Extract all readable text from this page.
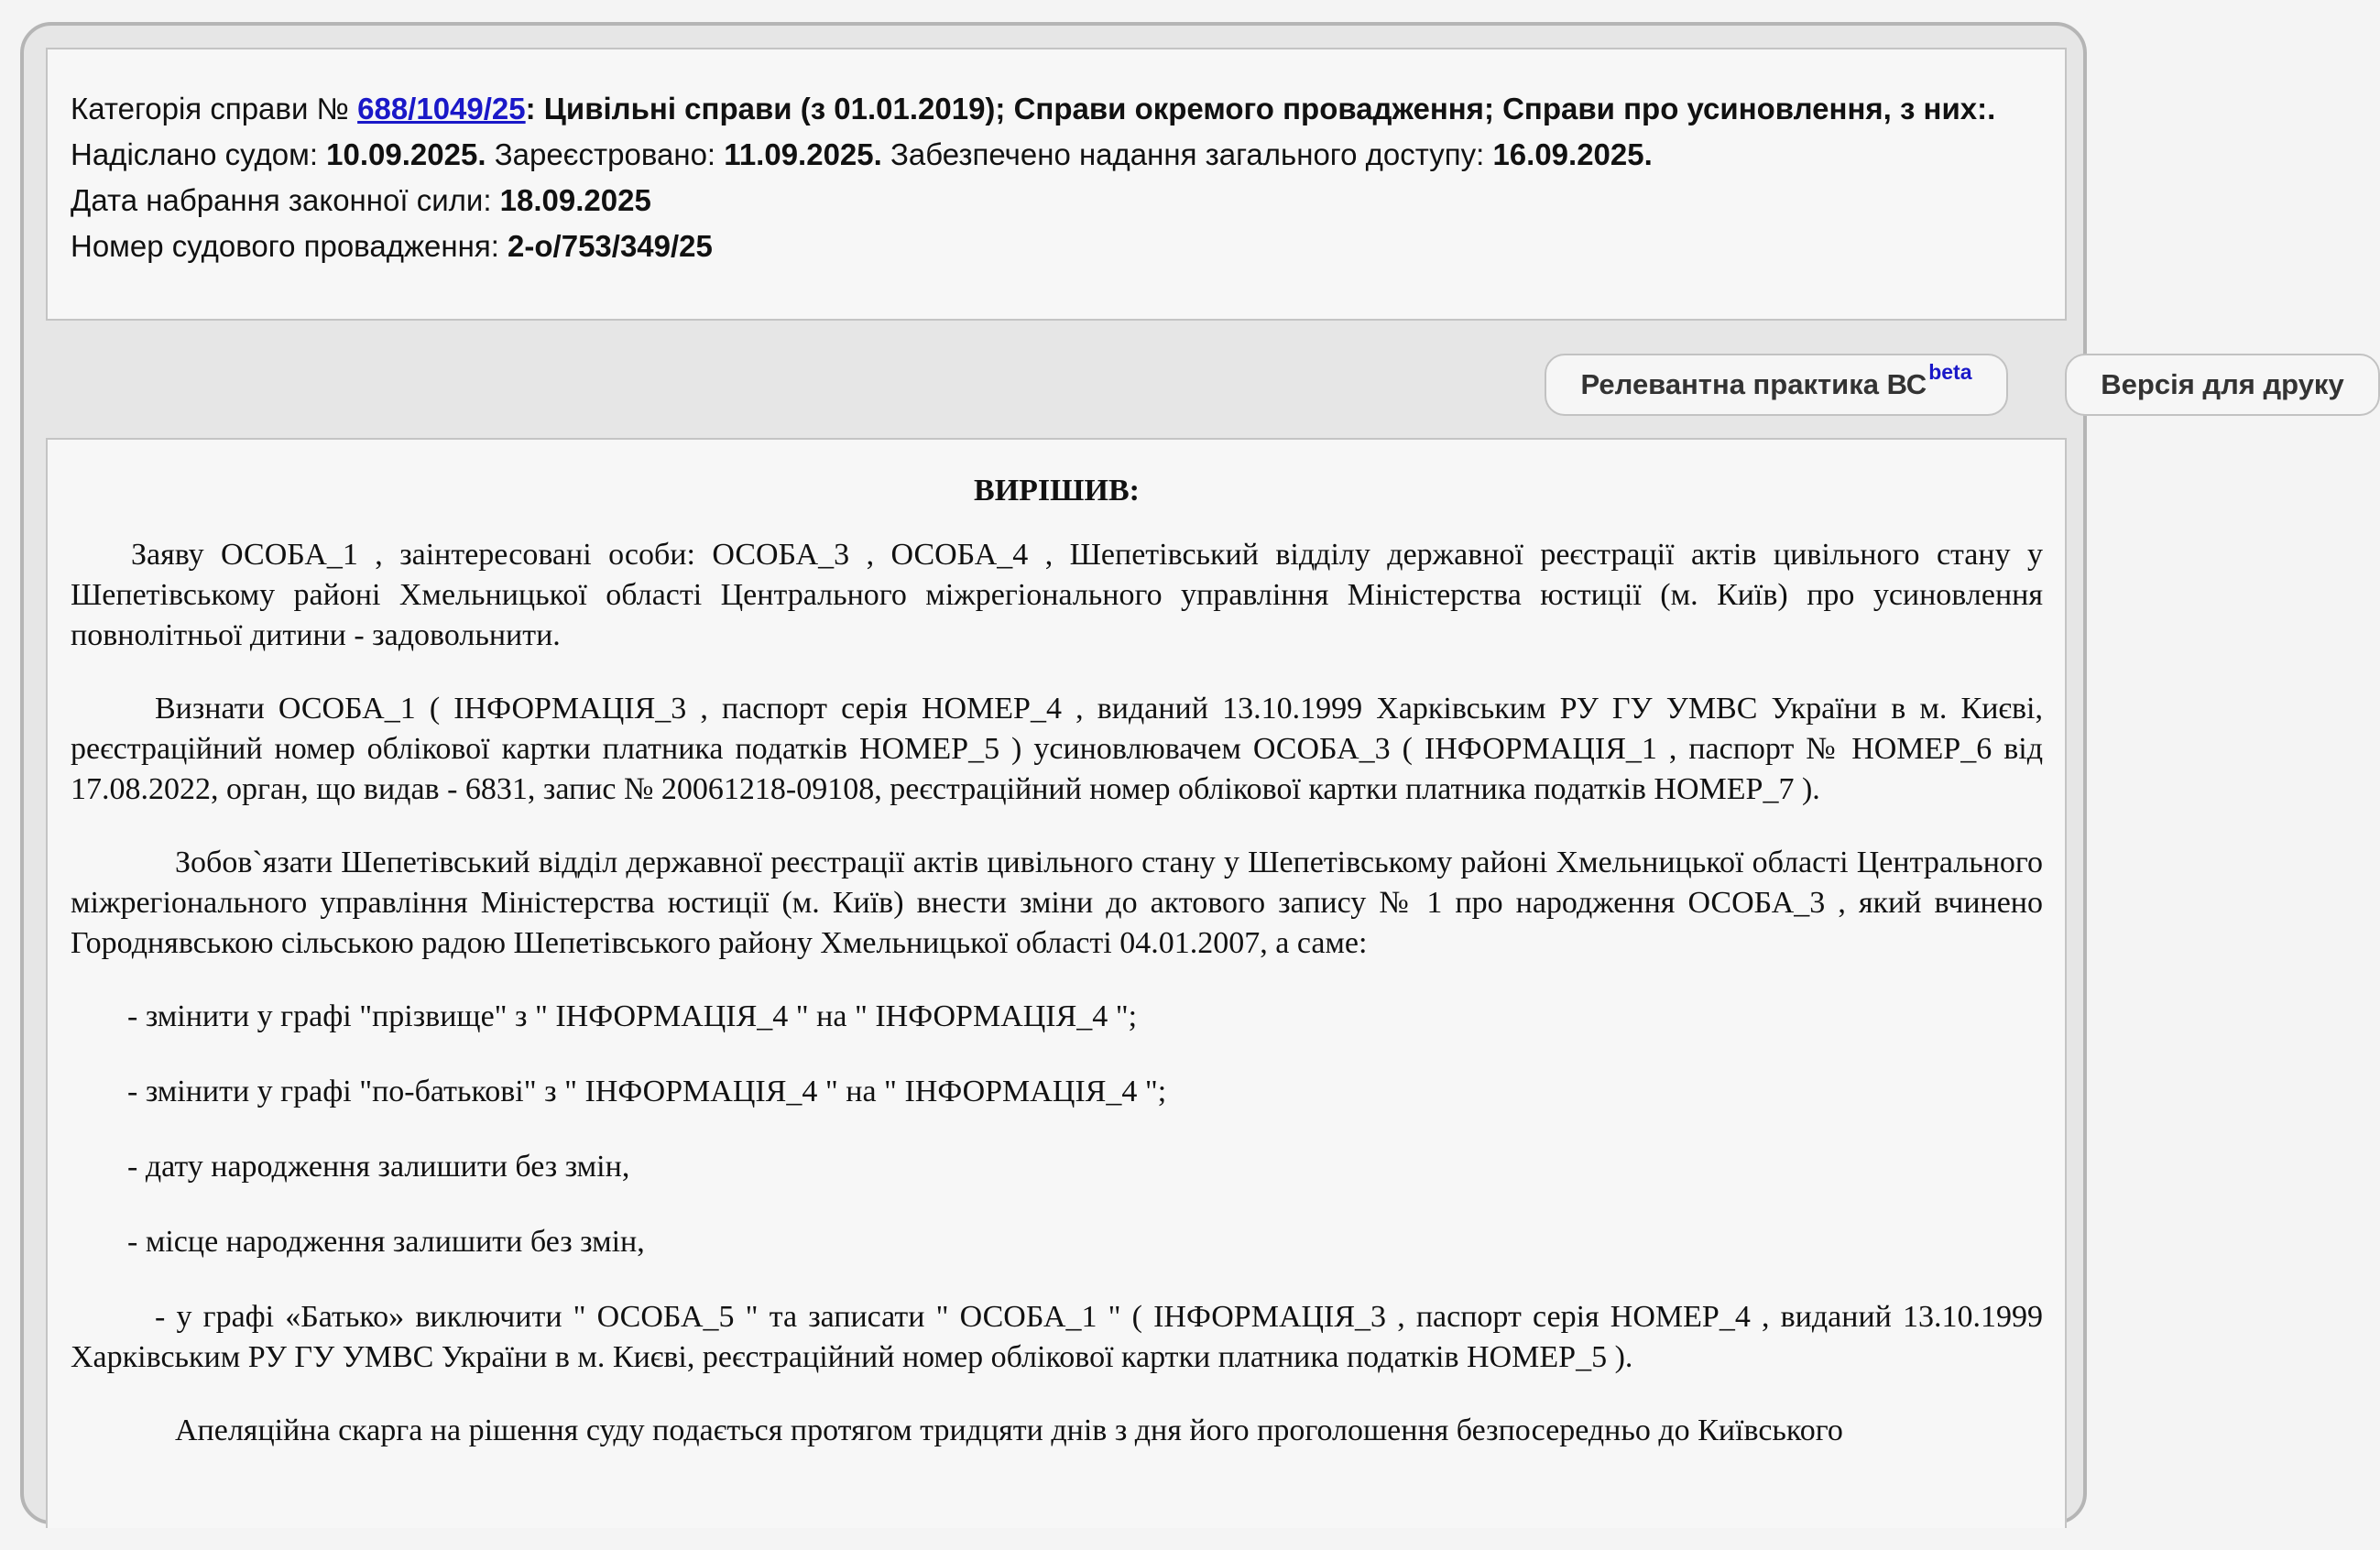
Категорія справи № 688/1049/25: Цивільні справи (з 01.01.2019); Справи окремого провадження; Справи про усиновлення, з них:.
Надіслано судом: 10.09.2025. Зареєстровано: 11.09.2025. Забезпечено надання загального доступу: 16.09.2025.
Дата набрання законної сили: 18.09.2025
Номер судового провадження: 2-о/753/349/25
Релевантна практика ВС beta	Версія для друку
ВИРІШИВ:

Заяву ОСОБА_1 , заінтересовані особи: ОСОБА_3 , ОСОБА_4 , Шепетівський відділу державної реєстрації актів цивільного стану у Шепетівському районі Хмельницької області Центрального міжрегіонального управління Міністерства юстиції (м. Київ) про усиновлення повнолітньої дитини - задовольнити.

Визнати ОСОБА_1 ( ІНФОРМАЦІЯ_3 , паспорт серія НОМЕР_4 , виданий 13.10.1999 Харківським РУ ГУ УМВС України в м. Києві, реєстраційний номер облікової картки платника податків НОМЕР_5 ) усиновлювачем ОСОБА_3 ( ІНФОРМАЦІЯ_1 , паспорт № НОМЕР_6 від 17.08.2022, орган, що видав - 6831, запис № 20061218-09108, реєстраційний номер облікової картки платника податків НОМЕР_7 ).

Зобов`язати Шепетівський відділ державної реєстрації актів цивільного стану у Шепетівському районі Хмельницької області Центрального міжрегіонального управління Міністерства юстиції (м. Київ) внести зміни до актового запису № 1 про народження ОСОБА_3 , який вчинено Городнявською сільською радою Шепетівського району Хмельницької області 04.01.2007, а саме:

- змінити у графі "прізвище" з " ІНФОРМАЦІЯ_4 " на " ІНФОРМАЦІЯ_4 ";

- змінити у графі "по-батькові" з " ІНФОРМАЦІЯ_4 " на " ІНФОРМАЦІЯ_4 ";

- дату народження залишити без змін,

- місце народження залишити без змін,

- у графі «Батько» виключити " ОСОБА_5 " та записати " ОСОБА_1 " ( ІНФОРМАЦІЯ_3 , паспорт серія НОМЕР_4 , виданий 13.10.1999 Харківським РУ ГУ УМВС України в м. Києві, реєстраційний номер облікової картки платника податків НОМЕР_5 ).

Апеляційна скарга на рішення суду подається протягом тридцяти днів з дня його проголошення безпосередньо до Київського
